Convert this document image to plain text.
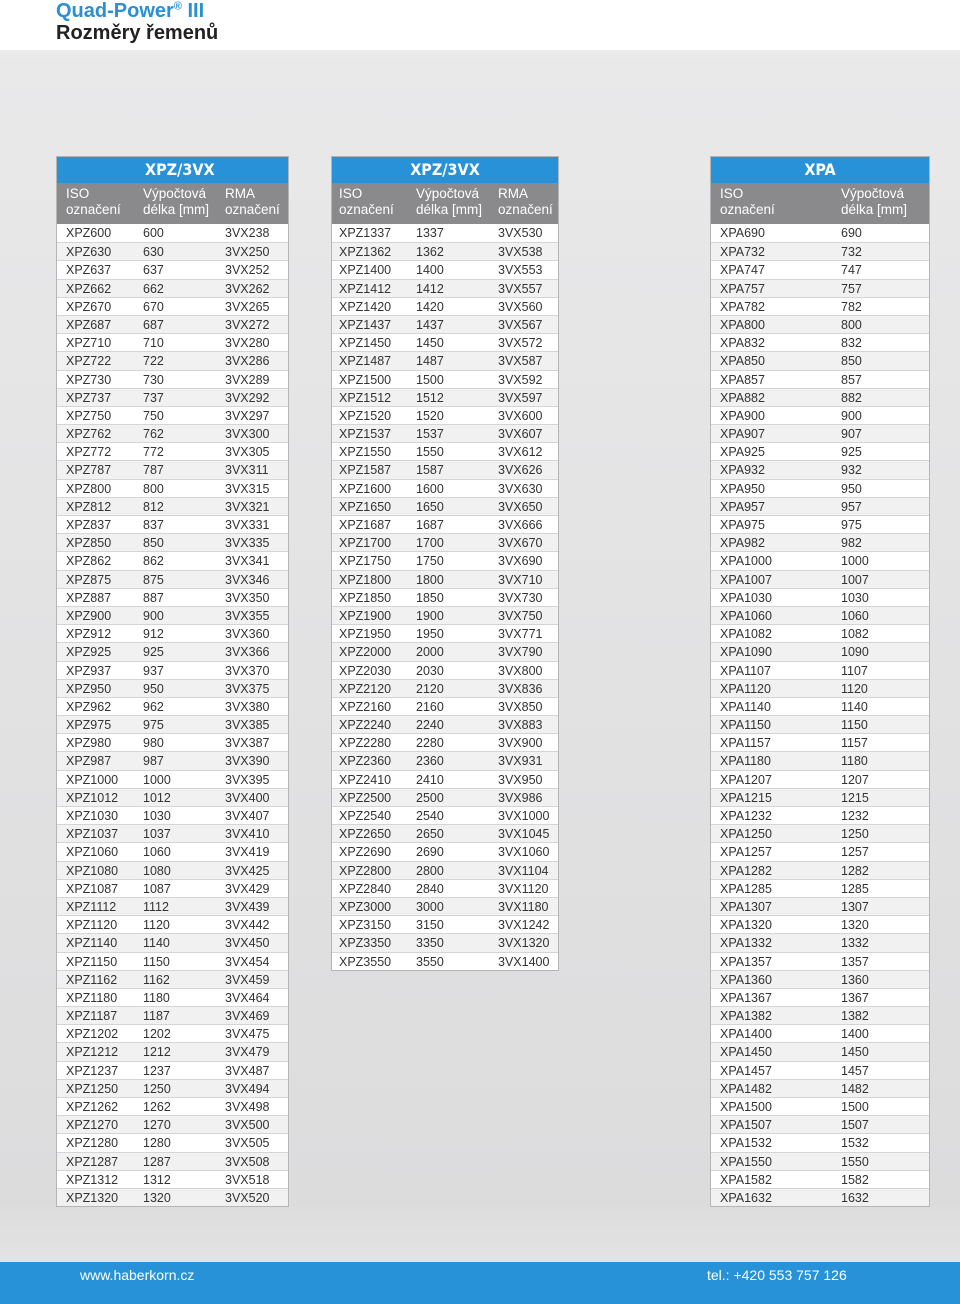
Quad-Power® III
Rozměry řemenů
XPZ/3VX
ISO
označení
Výpočtová
délka [mm]
RMA
označení
XPZ600	600	3VX238
XPZ630	630	3VX250
XPZ637	637	3VX252
XPZ662	662	3VX262
XPZ670	670	3VX265
XPZ687	687	3VX272
XPZ710	710	3VX280
XPZ722	722	3VX286
XPZ730	730	3VX289
XPZ737	737	3VX292
XPZ750	750	3VX297
XPZ762	762	3VX300
XPZ772	772	3VX305
XPZ787	787	3VX311
XPZ800	800	3VX315
XPZ812	812	3VX321
XPZ837	837	3VX331
XPZ850	850	3VX335
XPZ862	862	3VX341
XPZ875	875	3VX346
XPZ887	887	3VX350
XPZ900	900	3VX355
XPZ912	912	3VX360
XPZ925	925	3VX366
XPZ937	937	3VX370
XPZ950	950	3VX375
XPZ962	962	3VX380
XPZ975	975	3VX385
XPZ980	980	3VX387
XPZ987	987	3VX390
XPZ1000	1000	3VX395
XPZ1012	1012	3VX400
XPZ1030	1030	3VX407
XPZ1037	1037	3VX410
XPZ1060	1060	3VX419
XPZ1080	1080	3VX425
XPZ1087	1087	3VX429
XPZ1112	1112	3VX439
XPZ1120	1120	3VX442
XPZ1140	1140	3VX450
XPZ1150	1150	3VX454
XPZ1162	1162	3VX459
XPZ1180	1180	3VX464
XPZ1187	1187	3VX469
XPZ1202	1202	3VX475
XPZ1212	1212	3VX479
XPZ1237	1237	3VX487
XPZ1250	1250	3VX494
XPZ1262	1262	3VX498
XPZ1270	1270	3VX500
XPZ1280	1280	3VX505
XPZ1287	1287	3VX508
XPZ1312	1312	3VX518
XPZ1320	1320	3VX520
XPZ/3VX
ISO
označení
Výpočtová
délka [mm]
RMA
označení
XPZ1337	1337	3VX530
XPZ1362	1362	3VX538
XPZ1400	1400	3VX553
XPZ1412	1412	3VX557
XPZ1420	1420	3VX560
XPZ1437	1437	3VX567
XPZ1450	1450	3VX572
XPZ1487	1487	3VX587
XPZ1500	1500	3VX592
XPZ1512	1512	3VX597
XPZ1520	1520	3VX600
XPZ1537	1537	3VX607
XPZ1550	1550	3VX612
XPZ1587	1587	3VX626
XPZ1600	1600	3VX630
XPZ1650	1650	3VX650
XPZ1687	1687	3VX666
XPZ1700	1700	3VX670
XPZ1750	1750	3VX690
XPZ1800	1800	3VX710
XPZ1850	1850	3VX730
XPZ1900	1900	3VX750
XPZ1950	1950	3VX771
XPZ2000	2000	3VX790
XPZ2030	2030	3VX800
XPZ2120	2120	3VX836
XPZ2160	2160	3VX850
XPZ2240	2240	3VX883
XPZ2280	2280	3VX900
XPZ2360	2360	3VX931
XPZ2410	2410	3VX950
XPZ2500	2500	3VX986
XPZ2540	2540	3VX1000
XPZ2650	2650	3VX1045
XPZ2690	2690	3VX1060
XPZ2800	2800	3VX1104
XPZ2840	2840	3VX1120
XPZ3000	3000	3VX1180
XPZ3150	3150	3VX1242
XPZ3350	3350	3VX1320
XPZ3550	3550	3VX1400
XPA
ISO
označení
Výpočtová
délka [mm]
XPA690	690
XPA732	732
XPA747	747
XPA757	757
XPA782	782
XPA800	800
XPA832	832
XPA850	850
XPA857	857
XPA882	882
XPA900	900
XPA907	907
XPA925	925
XPA932	932
XPA950	950
XPA957	957
XPA975	975
XPA982	982
XPA1000	1000
XPA1007	1007
XPA1030	1030
XPA1060	1060
XPA1082	1082
XPA1090	1090
XPA1107	1107
XPA1120	1120
XPA1140	1140
XPA1150	1150
XPA1157	1157
XPA1180	1180
XPA1207	1207
XPA1215	1215
XPA1232	1232
XPA1250	1250
XPA1257	1257
XPA1282	1282
XPA1285	1285
XPA1307	1307
XPA1320	1320
XPA1332	1332
XPA1357	1357
XPA1360	1360
XPA1367	1367
XPA1382	1382
XPA1400	1400
XPA1450	1450
XPA1457	1457
XPA1482	1482
XPA1500	1500
XPA1507	1507
XPA1532	1532
XPA1550	1550
XPA1582	1582
XPA1632	1632
www.haberkorn.cz	tel.: +420 553 757 126
